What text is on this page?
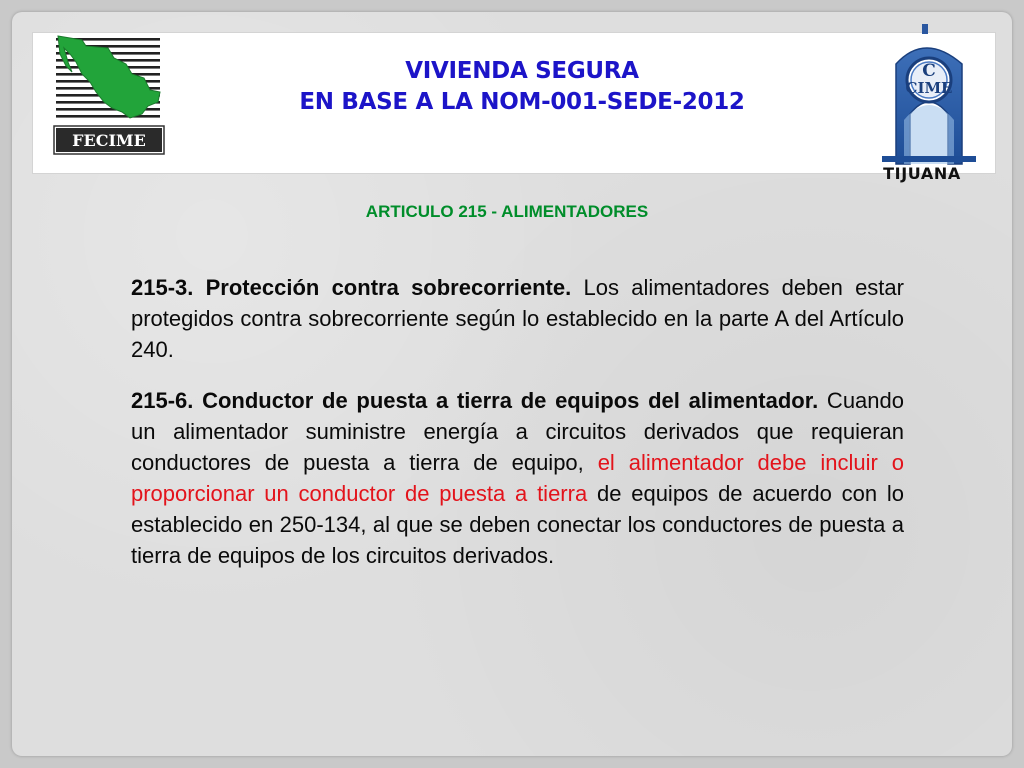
FECIME
VIVIENDA SEGURA
EN BASE A LA NOM-001-SEDE-2012
C
CIME
TIJUANA
ARTICULO 215 - ALIMENTADORES

215-3. Protección contra sobrecorriente. Los alimentadores deben estar protegidos contra sobrecorriente según lo establecido en la parte A del Artículo 240.

215-6. Conductor de puesta a tierra de equipos del alimentador. Cuando un alimentador suministre energía a circuitos derivados que requieran conductores de puesta a tierra de equipo, el alimentador debe incluir o proporcionar un conductor de puesta a tierra de equipos de acuerdo con lo establecido en 250-134, al que se deben conectar los conductores de puesta a tierra de equipos de los circuitos derivados.
